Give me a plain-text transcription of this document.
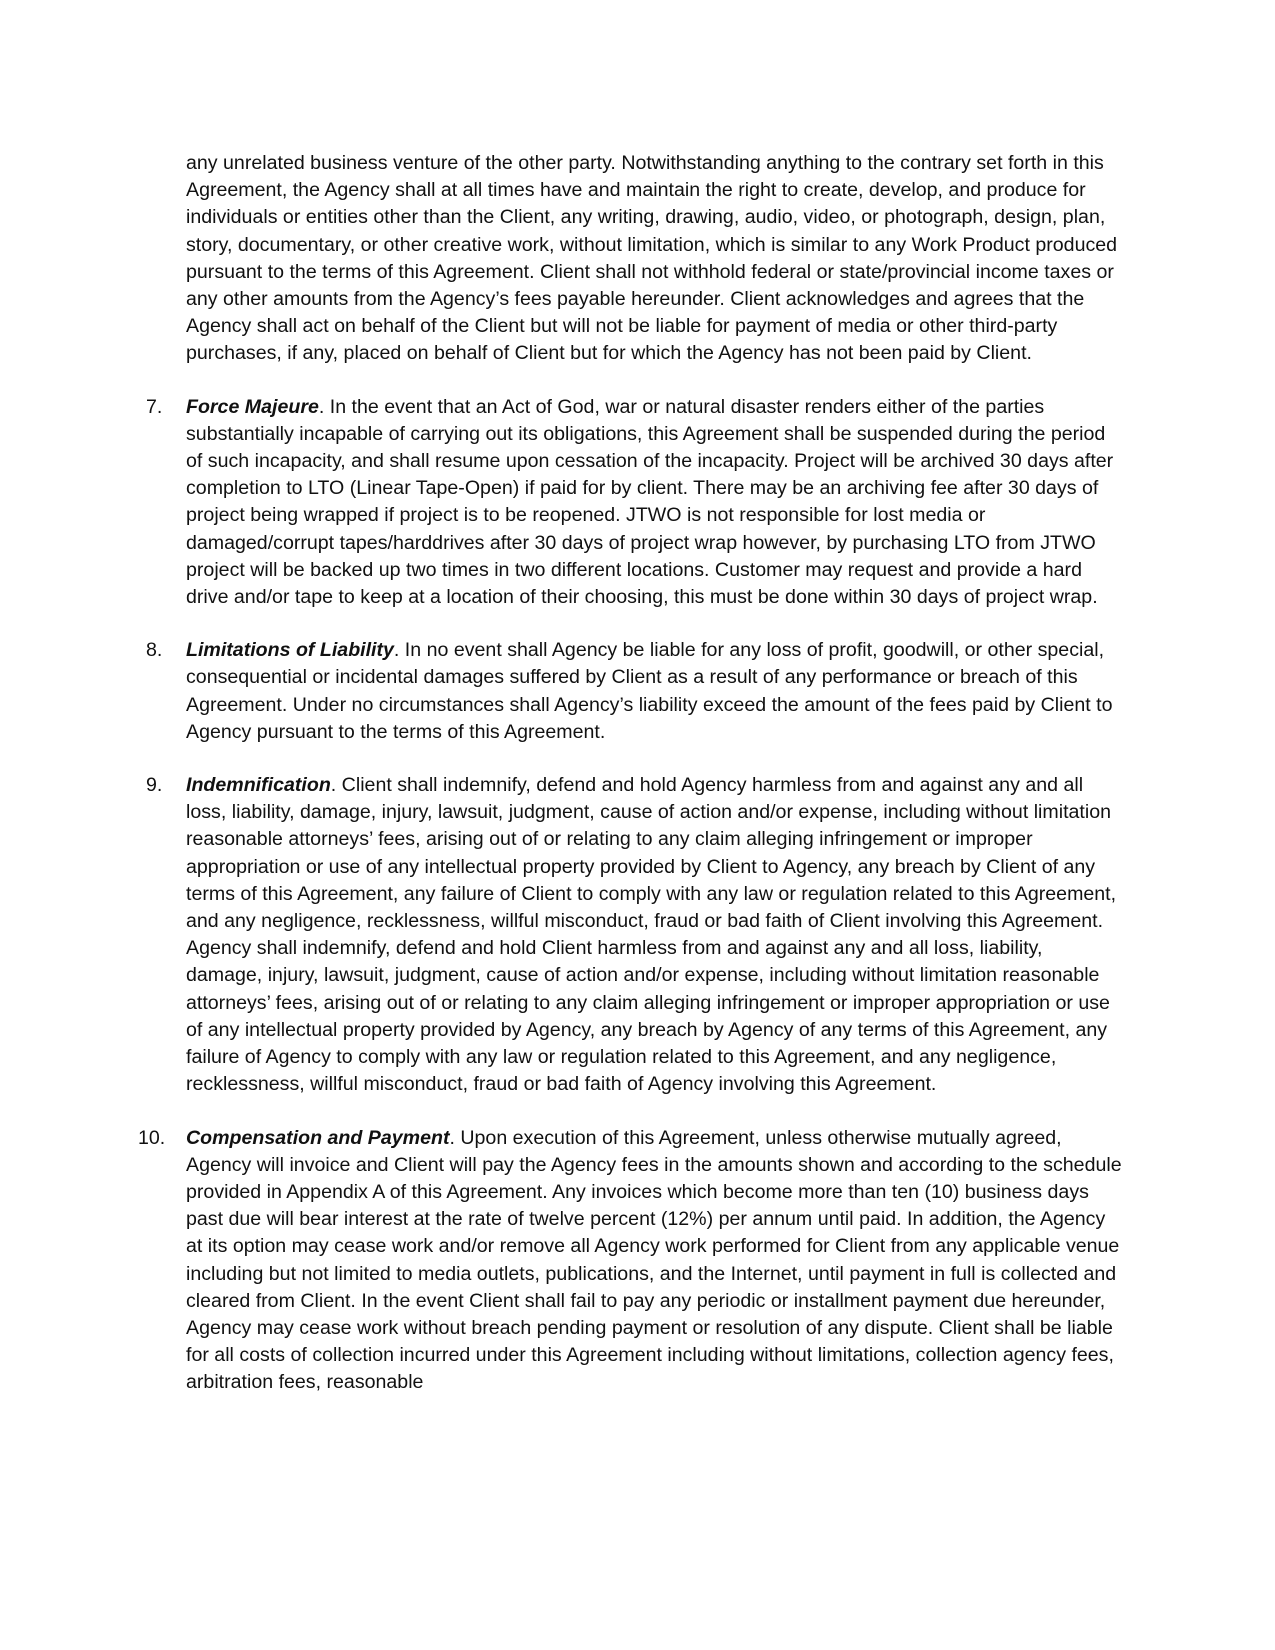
any unrelated business venture of the other party. Notwithstanding anything to the contrary set forth in this Agreement, the Agency shall at all times have and maintain the right to create, develop, and produce for individuals or entities other than the Client, any writing, drawing, audio, video, or photograph, design, plan, story, documentary, or other creative work, without limitation, which is similar to any Work Product produced pursuant to the terms of this Agreement. Client shall not withhold federal or state/provincial income taxes or any other amounts from the Agency’s fees payable hereunder. Client acknowledges and agrees that the Agency shall act on behalf of the Client but will not be liable for payment of media or other third-party purchases, if any, placed on behalf of Client but for which the Agency has not been paid by Client.

7.	Force Majeure. In the event that an Act of God, war or natural disaster renders either of the parties substantially incapable of carrying out its obligations, this Agreement shall be suspended during the period of such incapacity, and shall resume upon cessation of the incapacity. Project will be archived 30 days after completion to LTO (Linear Tape-Open) if paid for by client. There may be an archiving fee after 30 days of project being wrapped if project is to be reopened. JTWO is not responsible for lost media or damaged/corrupt tapes/harddrives after 30 days of project wrap however, by purchasing LTO from JTWO project will be backed up two times in two different locations. Customer may request and provide a hard drive and/or tape to keep at a location of their choosing, this must be done within 30 days of project wrap.
8.	Limitations of Liability. In no event shall Agency be liable for any loss of profit, goodwill, or other special, consequential or incidental damages suffered by Client as a result of any performance or breach of this Agreement. Under no circumstances shall Agency’s liability exceed the amount of the fees paid by Client to Agency pursuant to the terms of this Agreement.
9.	Indemnification. Client shall indemnify, defend and hold Agency harmless from and against any and all loss, liability, damage, injury, lawsuit, judgment, cause of action and/or expense, including without limitation reasonable attorneys’ fees, arising out of or relating to any claim alleging infringement or improper appropriation or use of any intellectual property provided by Client to Agency, any breach by Client of any terms of this Agreement, any failure of Client to comply with any law or regulation related to this Agreement, and any negligence, recklessness, willful misconduct, fraud or bad faith of Client involving this Agreement. Agency shall indemnify, defend and hold Client harmless from and against any and all loss, liability, damage, injury, lawsuit, judgment, cause of action and/or expense, including without limitation reasonable attorneys’ fees, arising out of or relating to any claim alleging infringement or improper appropriation or use of any intellectual property provided by Agency, any breach by Agency of any terms of this Agreement, any failure of Agency to comply with any law or regulation related to this Agreement, and any negligence, recklessness, willful misconduct, fraud or bad faith of Agency involving this Agreement.
10. Compensation and Payment. Upon execution of this Agreement, unless otherwise mutually agreed, Agency will invoice and Client will pay the Agency fees in the amounts shown and according to the schedule provided in Appendix A of this Agreement. Any invoices which become more than ten (10) business days past due will bear interest at the rate of twelve percent (12%) per annum until paid. In addition, the Agency at its option may cease work and/or remove all Agency work performed for Client from any applicable venue including but not limited to media outlets, publications, and the Internet, until payment in full is collected and cleared from Client. In the event Client shall fail to pay any periodic or installment payment due hereunder, Agency may cease work without breach pending payment or resolution of any dispute. Client shall be liable for all costs of collection incurred under this Agreement including without limitations, collection agency fees, arbitration fees, reasonable
